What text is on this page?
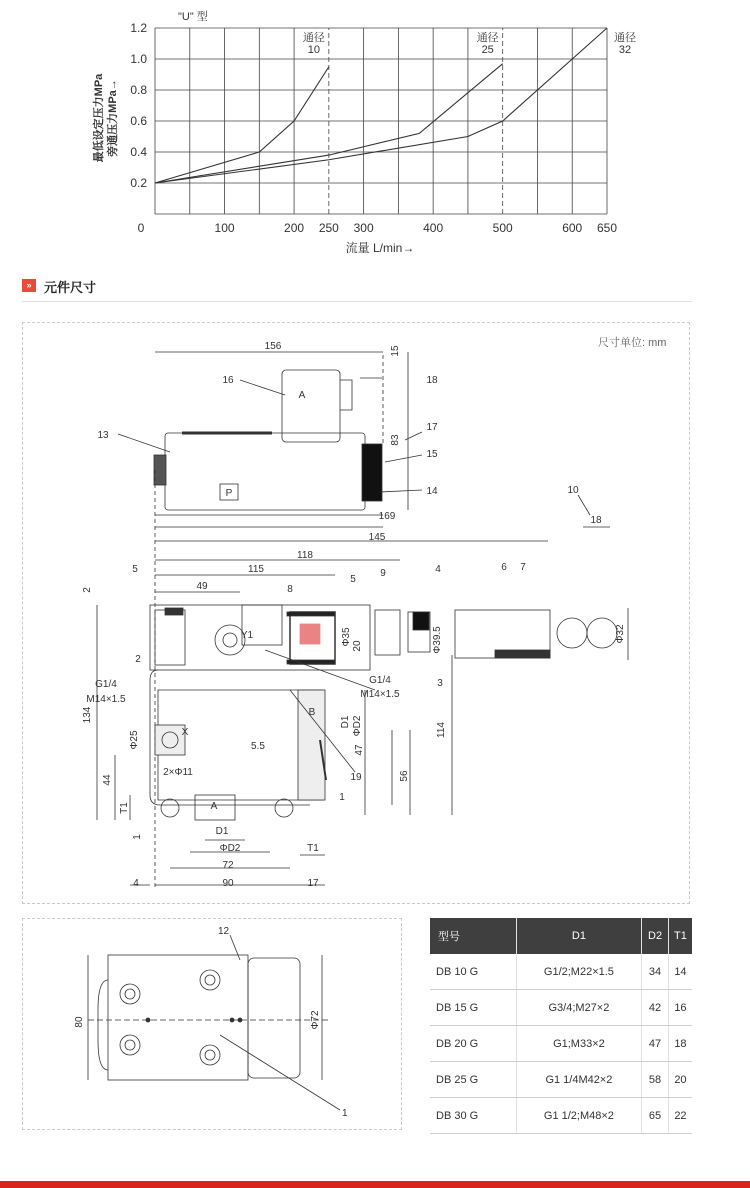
"U" 型
最低设定压力MPa 旁通压力MPa→
0.2
0.4
0.6
0.8
1.0
1.2
0	100	200 250 300	400	500	600 650
通径
10
通径
25
通径
32
流量 L/min→
» 元件尺寸
尺寸单位: mm
156	15
18
16
17
83
15
14
13
169
10
18
145
118
115
5
49	8
5
9	4	6 7
2
Φ35 20	Φ39.5	Φ32
Y1
2
G1/4
M14×1.5
G1/4
M14×1.5
3
134
Φ25	X
B
D1 ΦD2
5.5
114
2×Φ11
47
56
19
44
T1
1
A
1	D1
ΦD2	T1
72
4	90	17
A
P
12
80	Φ72
1
型号	D1	D2	T1
DB 10 G	G1/2;M22×1.5	34	14
DB 15 G	G3/4;M27×2	42	16
DB 20 G	G1;M33×2	47	18
DB 25 G	G1 1/4M42×2	58	20
DB 30 G	G1 1/2;M48×2	65	22
